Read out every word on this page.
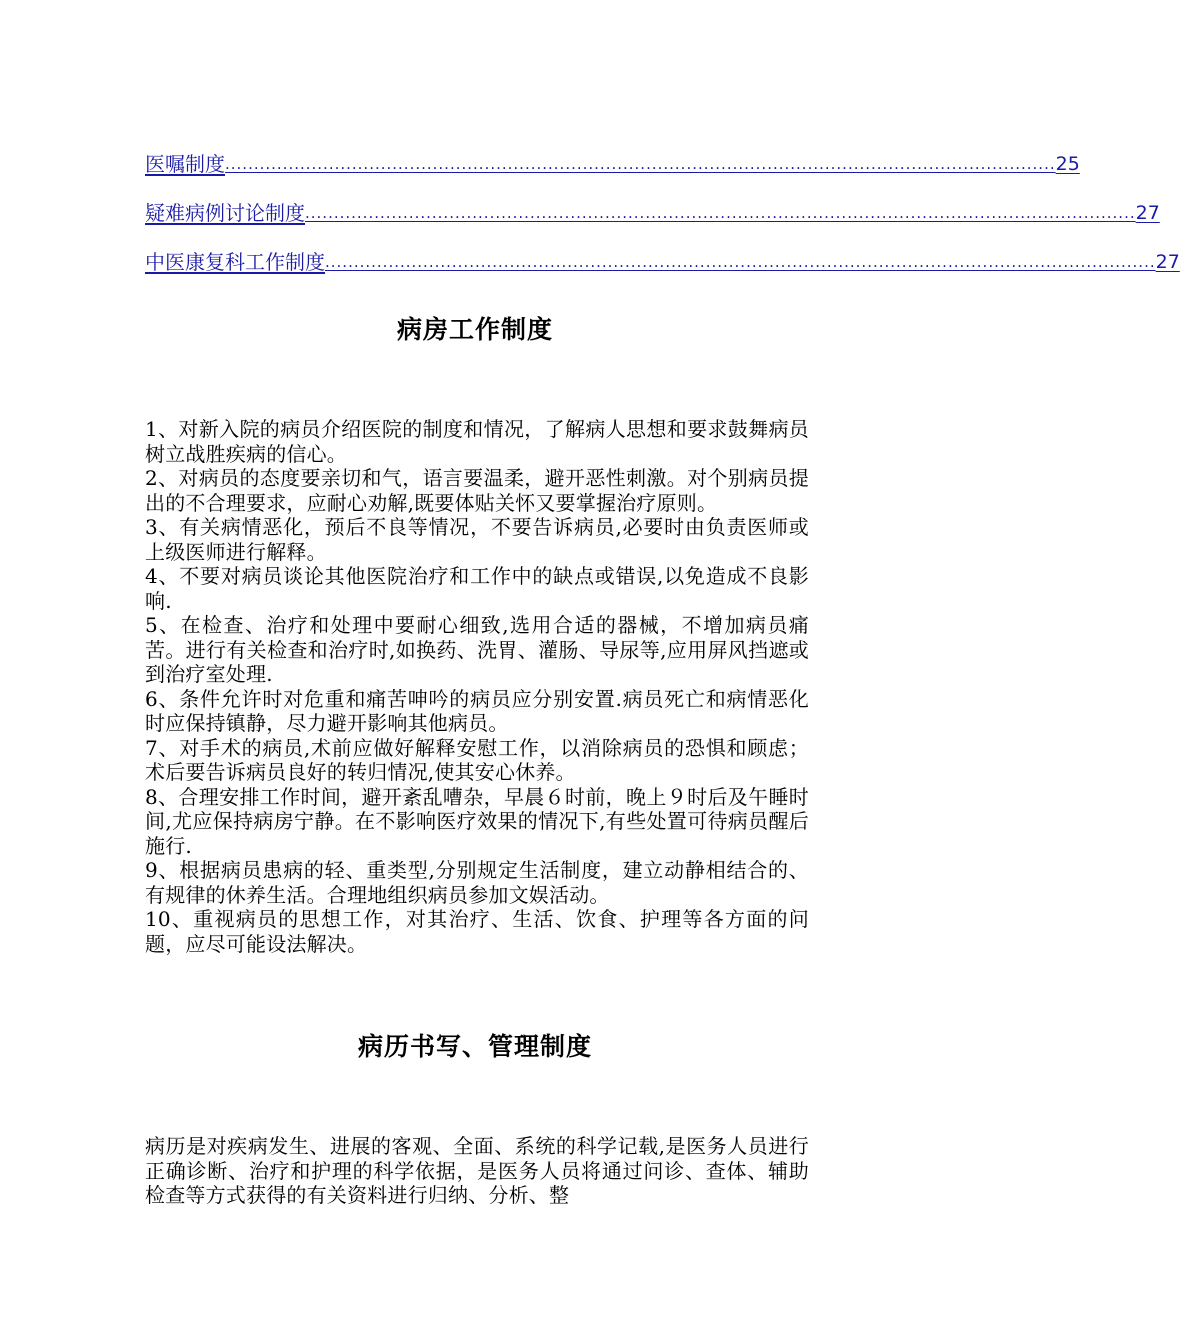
医嘱制度 ................................................................................................................................................ 25
疑难病例讨论制度 ................................................................................................................................................ 27
中医康复科工作制度 ................................................................................................................................................ 27
病房工作制度

1、对新入院的病员介绍医院的制度和情况，了解病人思想和要求鼓舞病员树立战胜疾病的信心。

2、对病员的态度要亲切和气，语言要温柔，避开恶性刺激。对个别病员提出的不合理要求，应耐心劝解,既要体贴关怀又要掌握治疗原则。

3、有关病情恶化，预后不良等情况，不要告诉病员,必要时由负责医师或上级医师进行解释。

4、不要对病员谈论其他医院治疗和工作中的缺点或错误,以免造成不良影响.

5、在检查、治疗和处理中要耐心细致,选用合适的器械，不增加病员痛苦。进行有关检查和治疗时,如换药、洗胃、灌肠、导尿等,应用屏风挡遮或到治疗室处理.

6、条件允许时对危重和痛苦呻吟的病员应分别安置.病员死亡和病情恶化时应保持镇静，尽力避开影响其他病员。

7、对手术的病员,术前应做好解释安慰工作，以消除病员的恐惧和顾虑；术后要告诉病员良好的转归情况,使其安心休养。

8、合理安排工作时间，避开紊乱嘈杂，早晨６时前，晚上９时后及午睡时间,尤应保持病房宁静。在不影响医疗效果的情况下,有些处置可待病员醒后施行.

9、根据病员患病的轻、重类型,分别规定生活制度，建立动静相结合的、有规律的休养生活。合理地组织病员参加文娱活动。

10、重视病员的思想工作，对其治疗、生活、饮食、护理等各方面的问题，应尽可能设法解决。

病历书写、管理制度

病历是对疾病发生、进展的客观、全面、系统的科学记载,是医务人员进行正确诊断、治疗和护理的科学依据，是医务人员将通过问诊、查体、辅助检查等方式获得的有关资料进行归纳、分析、整
